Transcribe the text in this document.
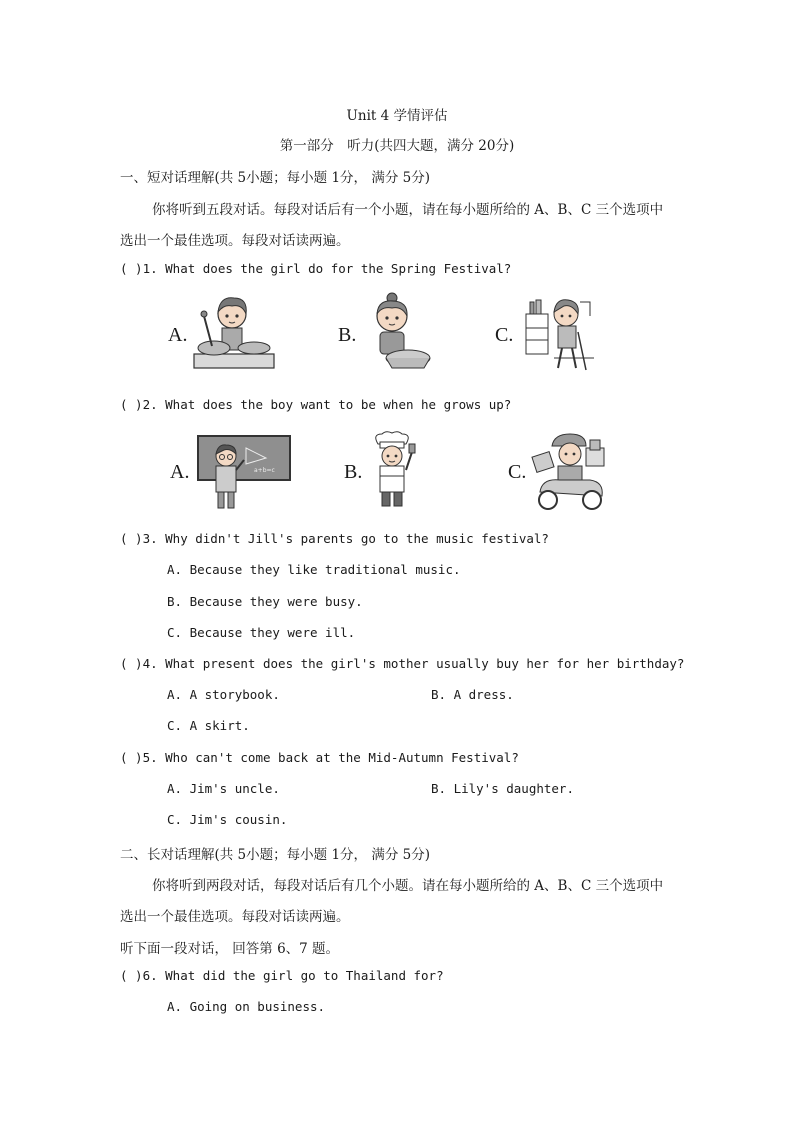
Unit 4 学情评估
第一部分　听力(共四大题，满分 20分)
一、短对话理解(共 5小题；每小题 1分， 满分 5分)
你将听到五段对话。每段对话后有一个小题，请在每小题所给的 A、B、C 三个选项中
选出一个最佳选项。每段对话读两遍。
( )1. What does the girl do for the Spring Festival?
A.	B.	C.
( )2. What does the boy want to be when he grows up?
A.	B.	C.
a+b=c
( )3. Why didn't Jill's parents go to the music festival?
A. Because they like traditional music.
B. Because they were busy.
C. Because they were ill.
( )4. What present does the girl's mother usually buy her for her birthday?
A. A storybook.	B. A dress.
C. A skirt.
( )5. Who can't come back at the Mid-Autumn Festival?
A. Jim's uncle.	B. Lily's daughter.
C. Jim's cousin.
二、长对话理解(共 5小题；每小题 1分， 满分 5分)
你将听到两段对话，每段对话后有几个小题。请在每小题所给的 A、B、C 三个选项中
选出一个最佳选项。每段对话读两遍。
听下面一段对话， 回答第 6、7 题。
( )6. What did the girl go to Thailand for?
A. Going on business.
